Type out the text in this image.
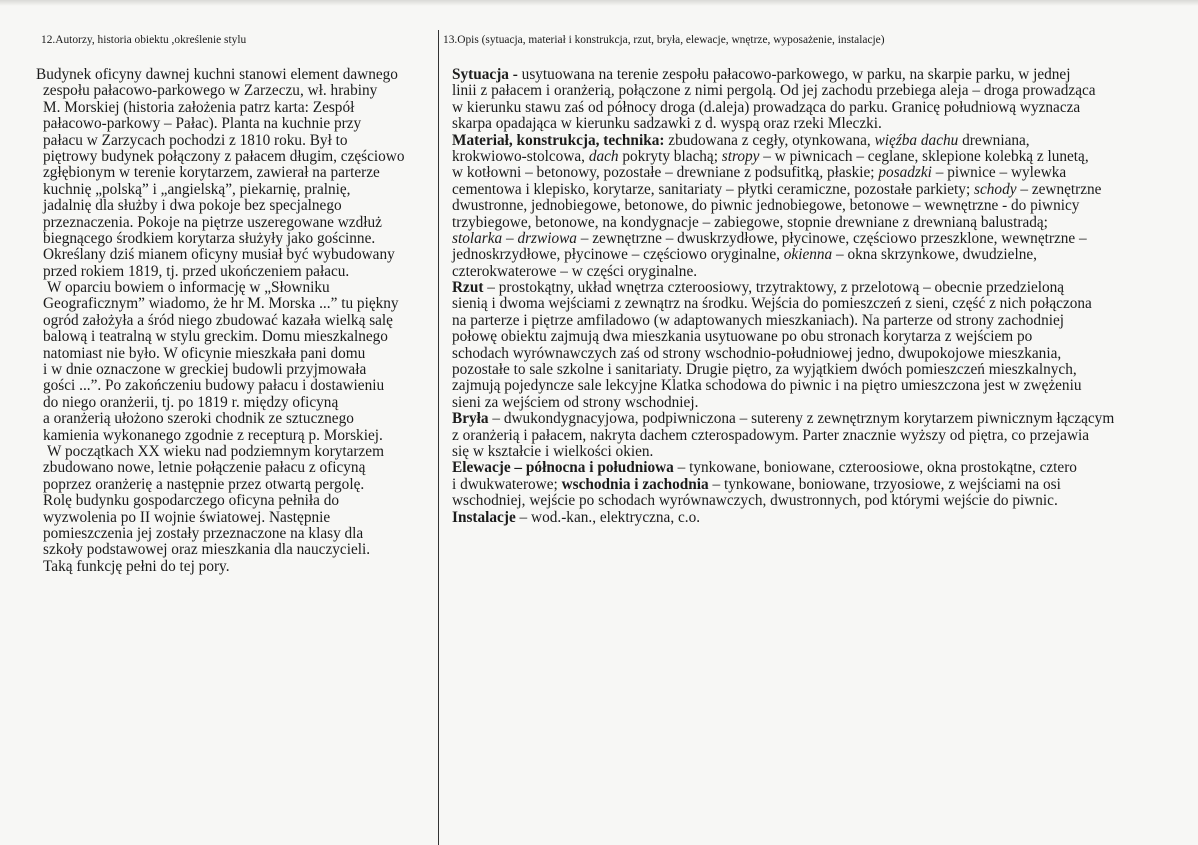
12.Autorzy, historia obiektu ,określenie stylu

Budynek oficyny dawnej kuchni stanowi element dawnego
zespołu pałacowo-parkowego w Zarzeczu, wł. hrabiny
M. Morskiej (historia założenia patrz karta: Zespół
pałacowo-parkowy – Pałac). Planta na kuchnie przy
pałacu w Zarzycach pochodzi z 1810 roku. Był to
piętrowy budynek połączony z pałacem długim, częściowo
zgłębionym w terenie korytarzem, zawierał na parterze
kuchnię „polską” i „angielską”, piekarnię, pralnię,
jadalnię dla służby i dwa pokoje bez specjalnego
przeznaczenia. Pokoje na piętrze uszeregowane wzdłuż
biegnącego środkiem korytarza służyły jako gościnne.
Określany dziś mianem oficyny musiał być wybudowany
przed rokiem 1819, tj. przed ukończeniem pałacu.
W oparciu bowiem o informację w „Słowniku
Geograficznym” wiadomo, że hr M. Morska ...” tu piękny
ogród założyła a śród niego zbudować kazała wielką salę
balową i teatralną w stylu greckim. Domu mieszkalnego
natomiast nie było. W oficynie mieszkała pani domu
i w dnie oznaczone w greckiej budowli przyjmowała
gości ...”. Po zakończeniu budowy pałacu i dostawieniu
do niego oranżerii, tj. po 1819 r. między oficyną
a oranżerią ułożono szeroki chodnik ze sztucznego
kamienia wykonanego zgodnie z recepturą p. Morskiej.
W początkach XX wieku nad podziemnym korytarzem
zbudowano nowe, letnie połączenie pałacu z oficyną
poprzez oranżerię a następnie przez otwartą pergolę.
Rolę budynku gospodarczego oficyna pełniła do
wyzwolenia po II wojnie światowej. Następnie
pomieszczenia jej zostały przeznaczone na klasy dla
szkoły podstawowej oraz mieszkania dla nauczycieli.
Taką funkcję pełni do tej pory.

13.Opis (sytuacja, materiał i konstrukcja, rzut, bryła, elewacje, wnętrze, wyposażenie, instalacje)

Sytuacja - usytuowana na terenie zespołu pałacowo-parkowego, w parku, na skarpie parku, w jednej
linii z pałacem i oranżerią, połączone z nimi pergolą. Od jej zachodu przebiega aleja – droga prowadząca
w kierunku stawu zaś od północy droga (d.aleja) prowadząca do parku. Granicę południową wyznacza
skarpa opadająca w kierunku sadzawki z d. wyspą oraz rzeki Mleczki.
Materiał, konstrukcja, technika: zbudowana z cegły, otynkowana, więźba dachu drewniana,
krokwiowo-stolcowa, dach pokryty blachą; stropy – w piwnicach – ceglane, sklepione kolebką z lunetą,
w kotłowni – betonowy, pozostałe – drewniane z podsufitką, płaskie; posadzki – piwnice – wylewka
cementowa i klepisko, korytarze, sanitariaty – płytki ceramiczne, pozostałe parkiety; schody – zewnętrzne
dwustronne, jednobiegowe, betonowe, do piwnic jednobiegowe, betonowe – wewnętrzne - do piwnicy
trzybiegowe, betonowe, na kondygnacje – zabiegowe, stopnie drewniane z drewnianą balustradą;
stolarka – drzwiowa – zewnętrzne – dwuskrzydłowe, płycinowe, częściowo przeszklone, wewnętrzne –
jednoskrzydłowe, płycinowe – częściowo oryginalne, okienna – okna skrzynkowe, dwudzielne,
czterokwaterowe – w części oryginalne.
Rzut – prostokątny, układ wnętrza czteroosiowy, trzytraktowy, z przelotową – obecnie przedzieloną
sienią i dwoma wejściami z zewnątrz na środku. Wejścia do pomieszczeń z sieni, część z nich połączona
na parterze i piętrze amfiladowo (w adaptowanych mieszkaniach). Na parterze od strony zachodniej
połowę obiektu zajmują dwa mieszkania usytuowane po obu stronach korytarza z wejściem po
schodach wyrównawczych zaś od strony wschodnio-południowej jedno, dwupokojowe mieszkania,
pozostałe to sale szkolne i sanitariaty. Drugie piętro, za wyjątkiem dwóch pomieszczeń mieszkalnych,
zajmują pojedyncze sale lekcyjne Klatka schodowa do piwnic i na piętro umieszczona jest w zwężeniu
sieni za wejściem od strony wschodniej.
Bryła – dwukondygnacyjowa, podpiwniczona – sutereny z zewnętrznym korytarzem piwnicznym łączącym
z oranżerią i pałacem, nakryta dachem czterospadowym. Parter znacznie wyższy od piętra, co przejawia
się w kształcie i wielkości okien.
Elewacje – północna i południowa – tynkowane, boniowane, czteroosiowe, okna prostokątne, cztero
i dwukwaterowe; wschodnia i zachodnia – tynkowane, boniowane, trzyosiowe, z wejściami na osi
wschodniej, wejście po schodach wyrównawczych, dwustronnych, pod którymi wejście do piwnic.
Instalacje – wod.-kan., elektryczna, c.o.
